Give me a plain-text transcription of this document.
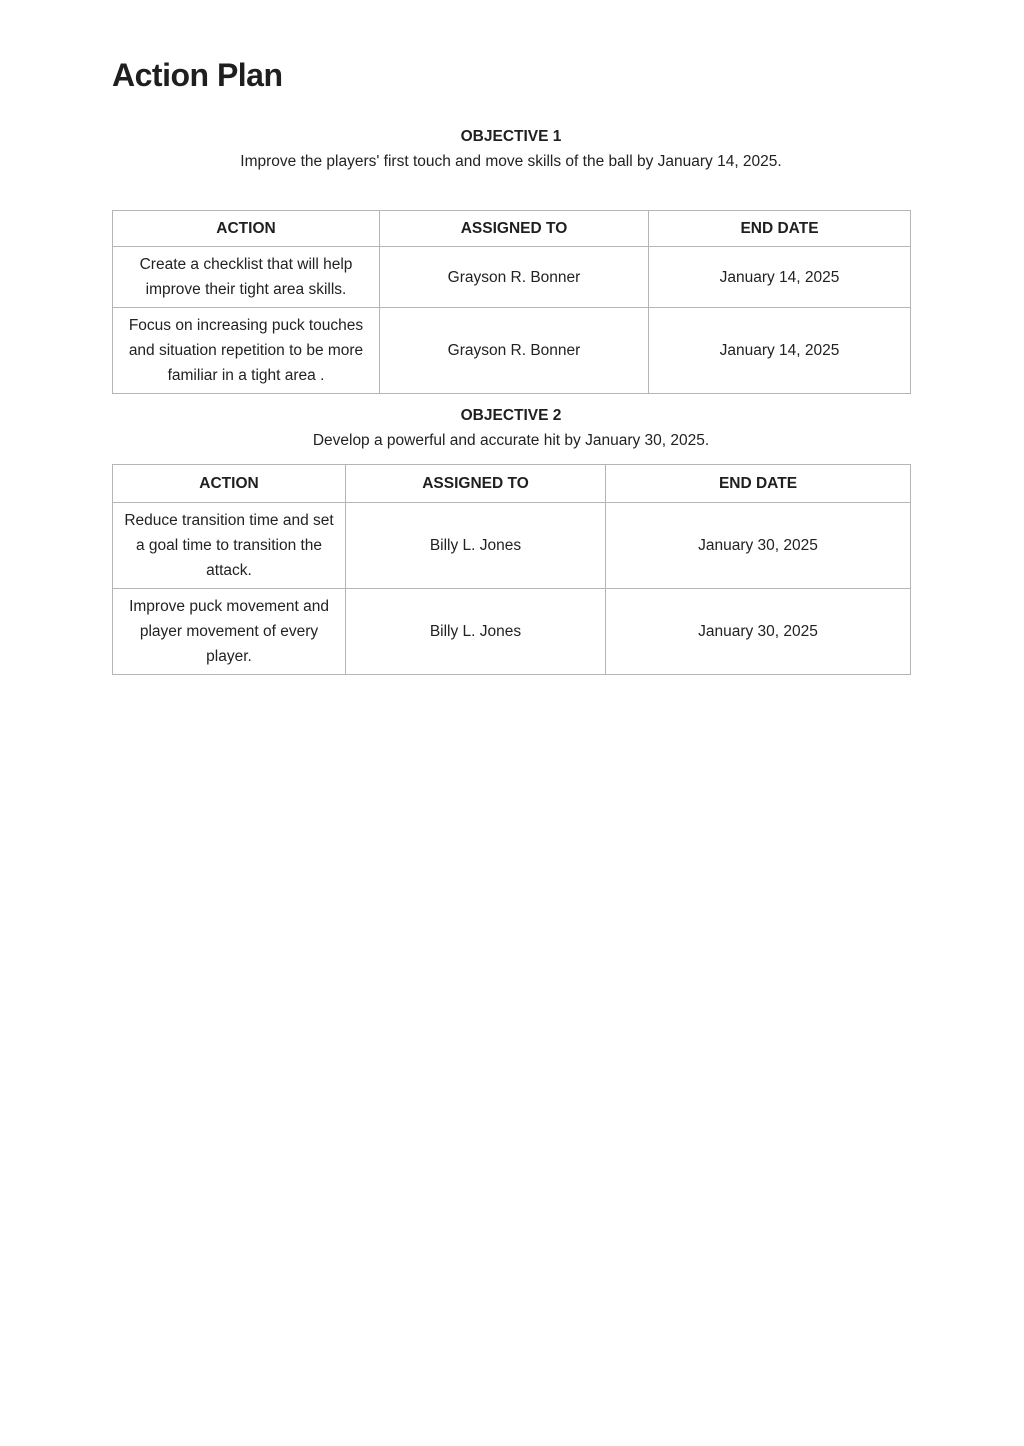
Action Plan
OBJECTIVE 1
Improve the players' first touch and move skills of the ball by January 14, 2025.
ACTION	ASSIGNED TO	END DATE
Create a checklist that will help improve their tight area skills.	Grayson R. Bonner	January 14, 2025
Focus on increasing puck touches and situation repetition to be more familiar in a tight area .	Grayson R. Bonner	January 14, 2025
OBJECTIVE 2
Develop a powerful and accurate hit by January 30, 2025.
ACTION	ASSIGNED TO	END DATE
Reduce transition time and set a goal time to transition the attack.	Billy L. Jones	January 30, 2025
Improve puck movement and player movement of every player.	Billy L. Jones	January 30, 2025
